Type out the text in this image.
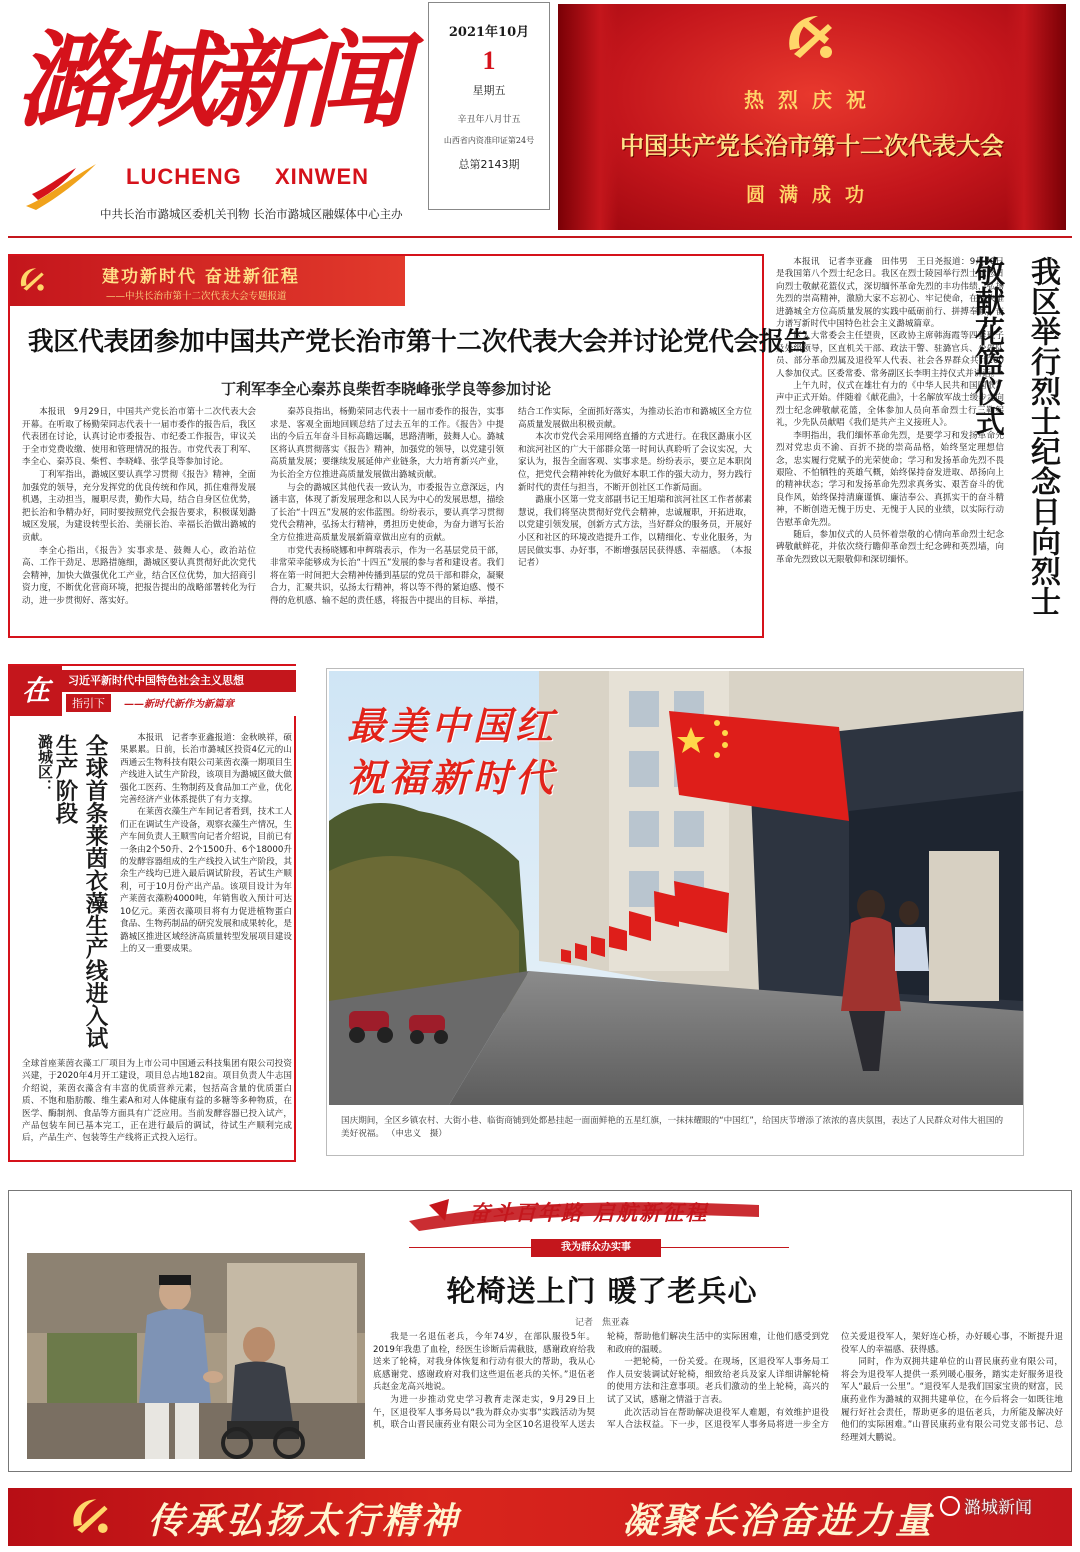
潞城新闻
LUCHENG XINWEN
中共长治市潞城区委机关刊物 长治市潞城区融媒体中心主办
2021年10月
1
星期五
辛丑年八月廿五
山西省内资准印证第24号
总第2143期
热烈庆祝
中国共产党长治市第十二次代表大会
圆满成功
建功新时代 奋进新征程
——中共长治市第十二次代表大会专题报道
我区代表团参加中国共产党长治市第十二次代表大会并讨论党代会报告
丁利军李全心秦苏良柴哲李晓峰张学良等参加讨论

本报讯　9月29日，中国共产党长治市第十二次代表大会开幕。在听取了杨勤荣同志代表十一届市委作的报告后，我区代表团在讨论，认真讨论市委报告、市纪委工作报告，审议关于全市党费收缴、使用和管理情况的报告。市党代表丁利军、李全心、秦苏良、柴哲、李晓峰、张学良等参加讨论。

丁利军指出，潞城区要认真学习贯彻《报告》精神，全面加强党的领导，充分发挥党的优良传统和作风，抓住难得发展机遇，主动担当，履职尽责，勤作大局，结合自身区位优势，把长治和争精办好，同时要按照党代会报告要求，积极谋划潞城区发展，为建设转型长治、美丽长治、幸福长治做出潞城的贡献。

李全心指出，《报告》实事求是、鼓舞人心，政治站位高、工作干劲足、思路措施细，潞城区要认真贯彻好此次党代会精神，加快大做强优化工产业，结合区位优势，加大招商引资力度，不断优化营商环境，把报告提出的战略部署转化为行动，进一步贯彻好、落实好。

秦苏良指出，杨勤荣同志代表十一届市委作的报告，实事求是、客观全面地回顾总结了过去五年的工作。《报告》中提出的今后五年奋斗目标高瞻远瞩，思路清晰，鼓舞人心。潞城区将认真贯彻落实《报告》精神，加强党的领导，以党建引领高质量发展；要继续发展延伸产业链条，大力培育新兴产业，为长治全方位推进高质量发展做出潞城贡献。

与会的潞城区其他代表一致认为，市委报告立意深远，内涵丰富，体现了新发展理念和以人民为中心的发展思想，描绘了长治“十四五”发展的宏伟蓝图。纷纷表示，要认真学习贯彻党代会精神，弘扬太行精神，勇担历史使命，为奋力谱写长治全方位推进高质量发展新篇章做出应有的贡献。

市党代表杨晓娜和申辉瑞表示，作为一名基层党员干部，非常荣幸能够成为长治“十四五”发展的参与者和建设者。我们将在第一时间把大会精神传播到基层的党员干部和群众，凝聚合力，汇聚共识，弘扬太行精神，将以等不得的紧迫感、慢不得的危机感、输不起的责任感，将报告中提出的目标、举措，结合工作实际，全面抓好落实，为推动长治市和潞城区全方位高质量发展做出积极贡献。

本次市党代会采用网络直播的方式进行。在我区潞康小区和滨河社区的广大干部群众第一时间认真聆听了会议实况，大家认为，报告全面客观、实事求是。纷纷表示，要立足本职岗位，把党代会精神转化为做好本职工作的强大动力，努力践行新时代的责任与担当，不断开创社区工作新局面。

潞康小区第一党支部副书记王旭瑞和滨河社区工作者郝素慧说，我们将坚决贯彻好党代会精神，忠诚履职，开拓进取，以党建引领发展，创新方式方法，当好群众的服务员，开展好小区和社区的环境改造提升工作，以精细化、专业化服务，为居民做实事、办好事，不断增强居民获得感、幸福感。　（本报记者）

本报讯　记者李亚鑫　田伟男　王日尧报道：9月30日是我国第八个烈士纪念日。我区在烈士陵园举行烈士纪念日向烈士敬献花篮仪式，深切缅怀革命先烈的丰功伟绩，弘扬先烈的崇高精神，激励大家不忘初心、牢记使命，在加快推进潞城全方位高质量发展的实践中砥砺前行、拼搏奉献，奋力谱写新时代中国特色社会主义潞城篇章。

区人大常委会主任望贵，区政协主席韩海霞等四套班子及处级领导，区直机关干部、政法干警、驻潞官兵、少先队员、部分革命烈属及退役军人代表、社会各界群众共计200人参加仪式。区委常委、常务副区长李明主持仪式并讲话。

上午九时，仪式在雄壮有力的《中华人民共和国国歌》声中正式开始。伴随着《献花曲》，十名解放军战士缓步走向烈士纪念碑敬献花篮，全体参加人员向革命烈士行三鞠躬礼，少先队员献唱《我们是共产主义接班人》。

李明指出，我们缅怀革命先烈，是要学习和发扬革命先烈对党忠贞不渝、百折不挠的崇高品格，始终坚定理想信念，忠实履行党赋予的光荣使命；学习和发扬革命先烈不畏艰险、不怕牺牲的英雄气概，始终保持奋发进取、昂扬向上的精神状态；学习和发扬革命先烈求真务实、艰苦奋斗的优良作风，始终保持清廉谨慎、廉洁奉公、真抓实干的奋斗精神，不断创造无愧于历史、无愧于人民的业绩，以实际行动告慰革命先烈。

随后，参加仪式的人员怀着崇敬的心情向革命烈士纪念碑敬献鲜花，并依次绕行瞻仰革命烈士纪念碑和英烈墙，向革命先烈致以无限敬仰和深切缅怀。	我区举行烈士纪念日向烈士敬献花篮仪式
在	习近平新时代中国特色社会主义思想
指引下	——新时代新作为新篇章
潞城区：	全球首条莱茵衣藻生产线进入试生产阶段	本报讯　记者李亚鑫报道：金秋映祥，硕果累累。日前，长治市潞城区投资4亿元的山西通云生物科技有限公司莱茵衣藻一期项目生产线进入试生产阶段，该项目为潞城区做大做强化工医药、生物制药及食品加工产业，优化完善经济产业体系提供了有力支撑。

在莱茵衣藻生产车间记者看到，技术工人们正在调试生产设备，观察衣藻生产情况，生产车间负责人王顺雪向记者介绍说，目前已有一条由2个50升、2个1500升、6个18000升的发酵容器组成的生产线投入试生产阶段，其余生产线均已进入最后调试阶段，若试生产顺利，可于10月份产出产品。该项目设计为年产莱茵衣藻粉4000吨，年销售收入预计可达10亿元。莱茵衣藻项目将有力促进植物蛋白食品、生物药制品的研究发展和成果转化，是潞城区推进区域经济高质量转型发展项目建设上的又一重要成果。

全球首座莱茵衣藻工厂项目为上市公司中国通云科技集团有限公司投资兴建，于2020年4月开工建设，项目总占地182亩。项目负责人牛志国介绍说，莱茵衣藻含有丰富的优质营养元素，包括高含量的优质蛋白质、不饱和脂肪酸、维生素A和对人体健康有益的多糖等多种物质，在医学、酶制剂、食品等方面具有广泛应用。当前发酵容器已投入试产，产品包装车间已基本完工，正在进行最后的调试，待试生产顺利完成后，产品生产、包装等生产线将正式投入运行。

最美中国红
祝福新时代
国庆期间，全区乡镇农村、大街小巷、临街商铺到处都悬挂起一面面鲜艳的五星红旗，一抹抹耀眼的“中国红”，给国庆节增添了浓浓的喜庆氛围，表达了人民群众对伟大祖国的美好祝福。 （申忠义　摄）
奋斗百年路 启航新征程
我为群众办实事
轮椅送上门 暖了老兵心
记者　焦亚森

我是一名退伍老兵，今年74岁，在部队服役5年。2019年我患了血栓，经医生诊断后需截肢，感谢政府给我送来了轮椅，对我身体恢复和行动有很大的帮助，我从心底感谢党、感谢政府对我们这些退伍老兵的关怀。”退伍老兵赵金龙高兴地说。

为进一步推动党史学习教育走深走实，9月29日上午，区退役军人事务局以“我为群众办实事”实践活动为契机，联合山晋民康药业有限公司为全区10名退役军人送去轮椅，帮助他们解决生活中的实际困难，让他们感受到党和政府的温暖。

一把轮椅，一份关爱。在现场，区退役军人事务局工作人员安装调试好轮椅，细致给老兵及家人详细讲解轮椅的使用方法和注意事项。老兵们激动的坐上轮椅，高兴的试了又试，感谢之情溢于言表。

此次活动旨在帮助解决退役军人难题，有效维护退役军人合法权益。下一步，区退役军人事务局将进一步全方位关爱退役军人，架好连心桥，办好暖心事，不断提升退役军人的幸福感、获得感。

同时，作为双拥共建单位的山晋民康药业有限公司，将会为退役军人提供一系列暖心服务，踏实走好服务退役军人“最后一公里”。“退役军人是我们国家宝贵的财富，民康药业作为潞城的双拥共建单位，在今后将会一如既往地履行好社会责任，帮助更多的退伍老兵，力所能及解决好他们的实际困难。”山晋民康药业有限公司党支部书记、总经理刘大鹏说。

传承弘扬太行精神	凝聚长治奋进力量	潞城新闻
